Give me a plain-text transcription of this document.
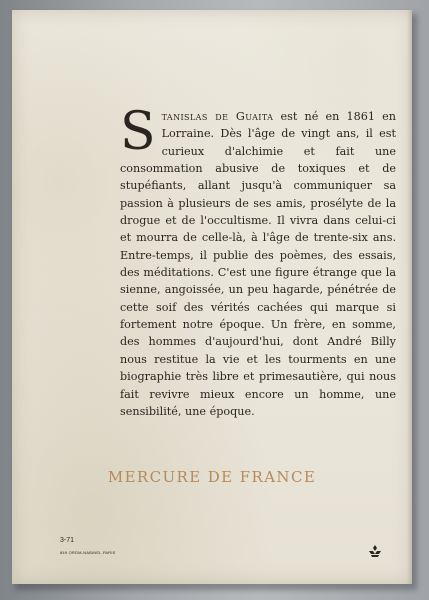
Stanislas de Guaita est né en 1861 en Lorraine. Dès l'âge de vingt ans, il est curieux d'alchimie et fait une consommation abusive de toxiques et de stupéfiants, allant jusqu'à communiquer sa passion à plusieurs de ses amis, prosélyte de la drogue et de l'occultisme. Il vivra dans celui-ci et mourra de celle-là, à l'âge de trente-six ans. Entre-temps, il publie des poèmes, des essais, des méditations. C'est une figure étrange que la sienne, angoissée, un peu hagarde, pénétrée de cette soif des vérités cachées qui marque si fortement notre époque. Un frère, en somme, des hommes d'aujourd'hui, dont André Billy nous restitue la vie et les tourments en une biographie très libre et primesautière, qui nous fait revivre mieux encore un homme, une sensibilité, une époque.
MERCURE DE FRANCE
3-71
849 ORDM-NABINEL PARIS
